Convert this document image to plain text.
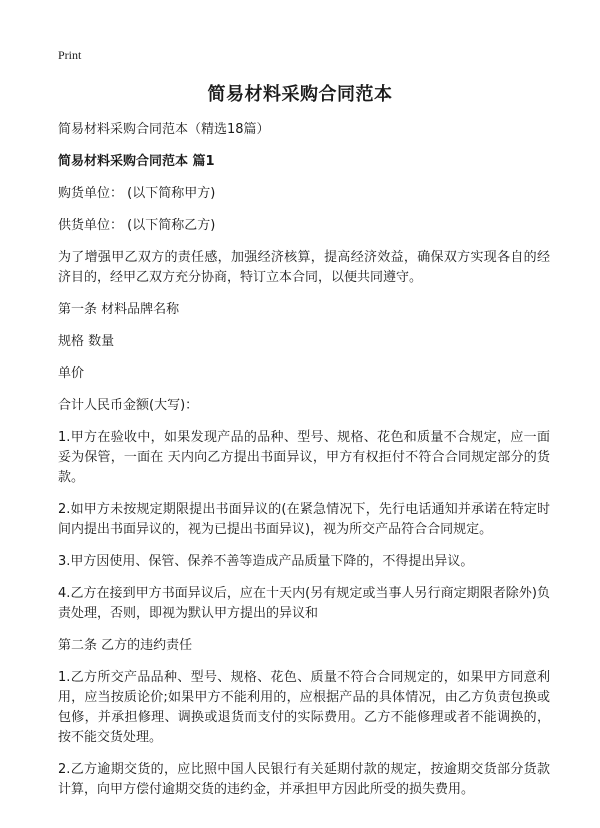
Print
简易材料采购合同范本

简易材料采购合同范本（精选18篇）

简易材料采购合同范本 篇1

购货单位： (以下简称甲方)

供货单位： (以下简称乙方)

为了增强甲乙双方的责任感，加强经济核算，提高经济效益，确保双方实现各自的经济目的，经甲乙双方充分协商，特订立本合同，以便共同遵守。

第一条 材料品牌名称

规格 数量

单价

合计人民币金额(大写)：

1.甲方在验收中，如果发现产品的品种、型号、规格、花色和质量不合规定，应一面妥为保管，一面在 天内向乙方提出书面异议，甲方有权拒付不符合合同规定部分的货款。

2.如甲方未按规定期限提出书面异议的(在紧急情况下，先行电话通知并承诺在特定时间内提出书面异议的，视为已提出书面异议)，视为所交产品符合合同规定。

3.甲方因使用、保管、保养不善等造成产品质量下降的，不得提出异议。

4.乙方在接到甲方书面异议后，应在十天内(另有规定或当事人另行商定期限者除外)负责处理，否则，即视为默认甲方提出的异议和

第二条 乙方的违约责任

1.乙方所交产品品种、型号、规格、花色、质量不符合合同规定的，如果甲方同意利用，应当按质论价;如果甲方不能利用的，应根据产品的具体情况，由乙方负责包换或包修，并承担修理、调换或退货而支付的实际费用。乙方不能修理或者不能调换的，按不能交货处理。

2.乙方逾期交货的，应比照中国人民银行有关延期付款的规定，按逾期交货部分货款计算，向甲方偿付逾期交货的违约金，并承担甲方因此所受的损失费用。
